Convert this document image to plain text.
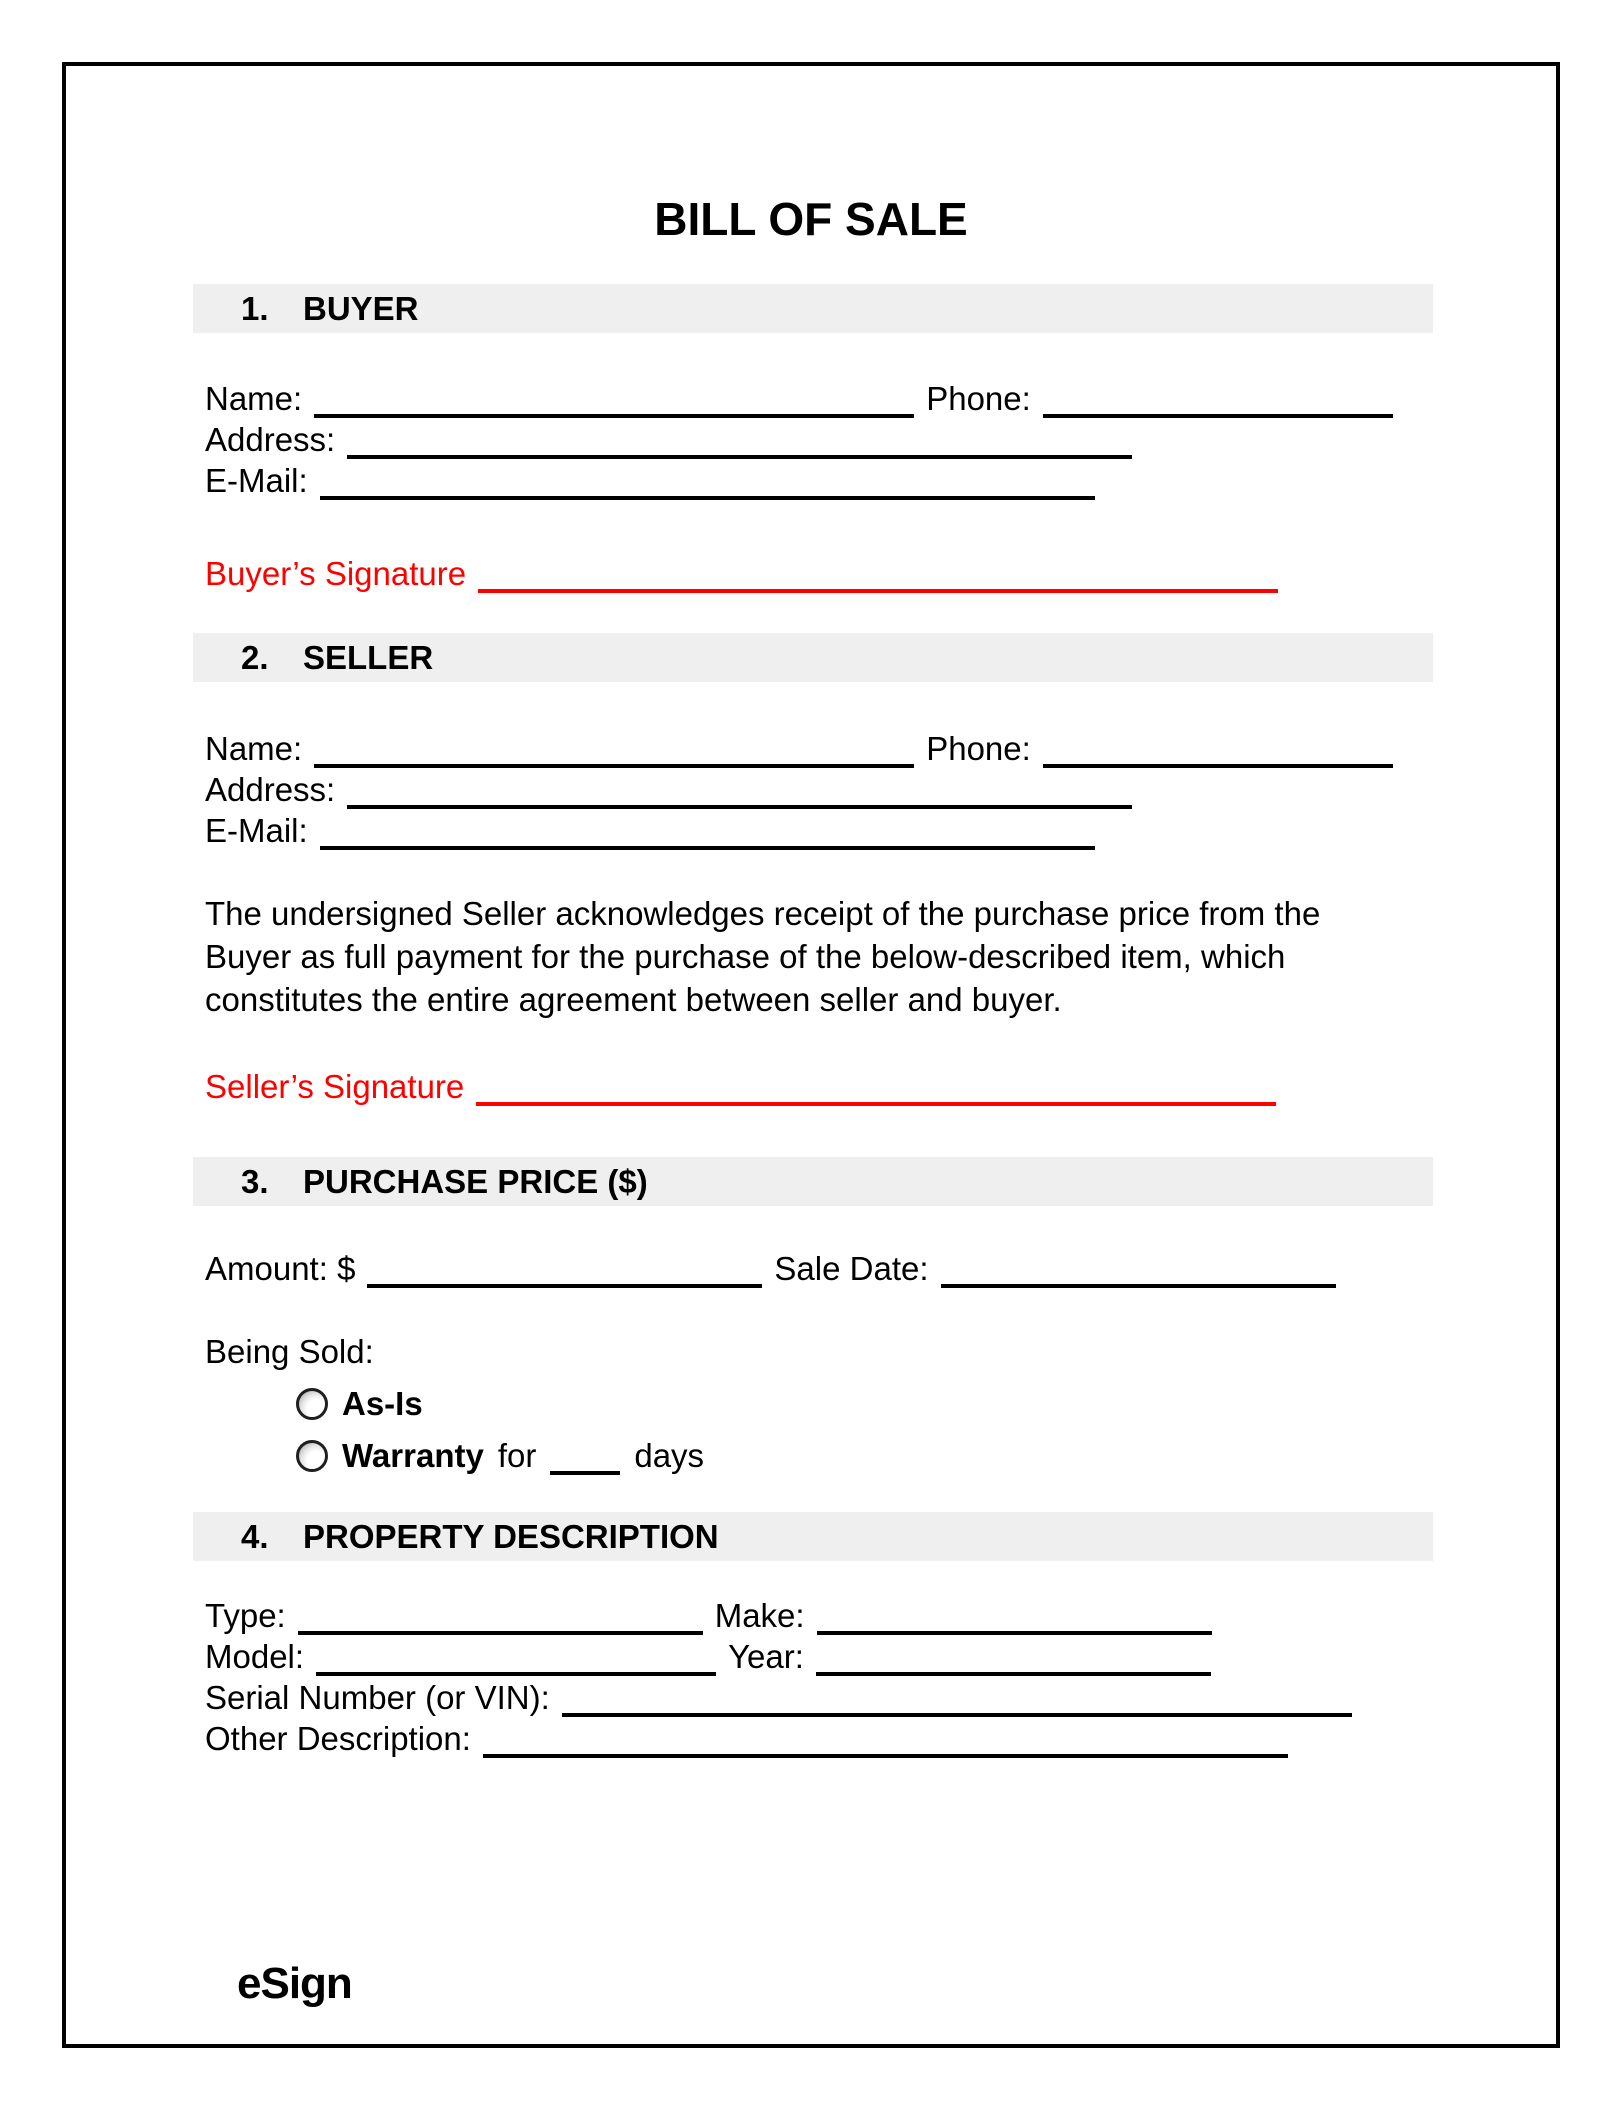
BILL OF SALE
1.	BUYER
Name:	Phone:
Address:
E-Mail:
Buyer’s Signature
2.	SELLER
Name:	Phone:
Address:
E-Mail:

The undersigned Seller acknowledges receipt of the purchase price from the Buyer as full payment for the purchase of the below-described item, which constitutes the entire agreement between seller and buyer.

Seller’s Signature
3.	PURCHASE PRICE ($)
Amount: $	Sale Date:
Being Sold:
As-Is
Warranty for	days
4.	PROPERTY DESCRIPTION
Type:	Make:
Model:	Year:
Serial Number (or VIN):
Other Description:
eSign
